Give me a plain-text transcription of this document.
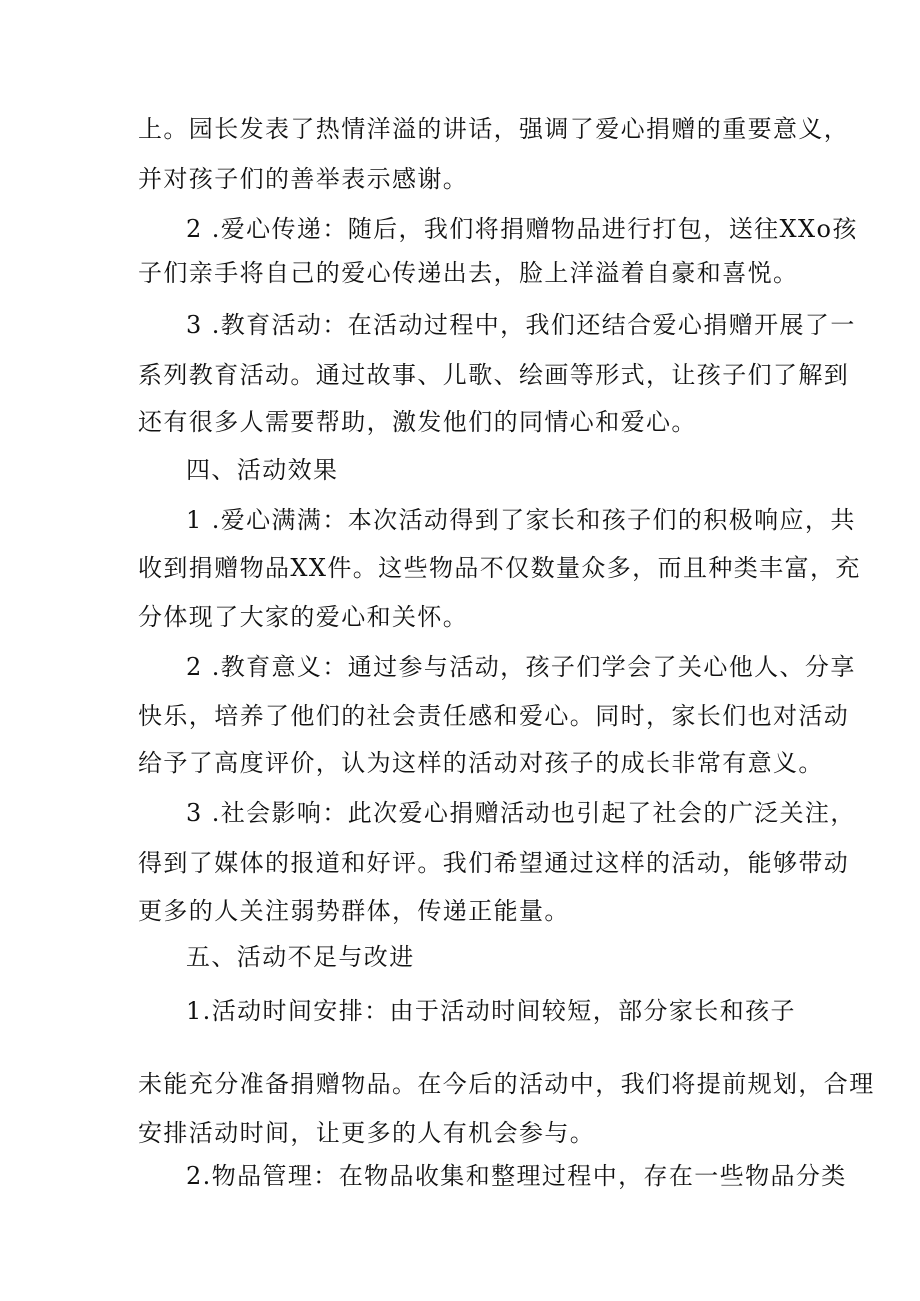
上。园长发表了热情洋溢的讲话，强调了爱心捐赠的重要意义，
并对孩子们的善举表示感谢。
2 .爱心传递：随后，我们将捐赠物品进行打包，送往XXo孩
子们亲手将自己的爱心传递出去，脸上洋溢着自豪和喜悦。
3 .教育活动：在活动过程中，我们还结合爱心捐赠开展了一
系列教育活动。通过故事、儿歌、绘画等形式，让孩子们了解到
还有很多人需要帮助，激发他们的同情心和爱心。
四、活动效果
1 .爱心满满：本次活动得到了家长和孩子们的积极响应，共
收到捐赠物品XX件。这些物品不仅数量众多，而且种类丰富，充
分体现了大家的爱心和关怀。
2 .教育意义：通过参与活动，孩子们学会了关心他人、分享
快乐，培养了他们的社会责任感和爱心。同时，家长们也对活动
给予了高度评价，认为这样的活动对孩子的成长非常有意义。
3 .社会影响：此次爱心捐赠活动也引起了社会的广泛关注，
得到了媒体的报道和好评。我们希望通过这样的活动，能够带动
更多的人关注弱势群体，传递正能量。
五、活动不足与改进
1.活动时间安排：由于活动时间较短，部分家长和孩子
未能充分准备捐赠物品。在今后的活动中，我们将提前规划，合理
安排活动时间，让更多的人有机会参与。
2.物品管理：在物品收集和整理过程中，存在一些物品分类
